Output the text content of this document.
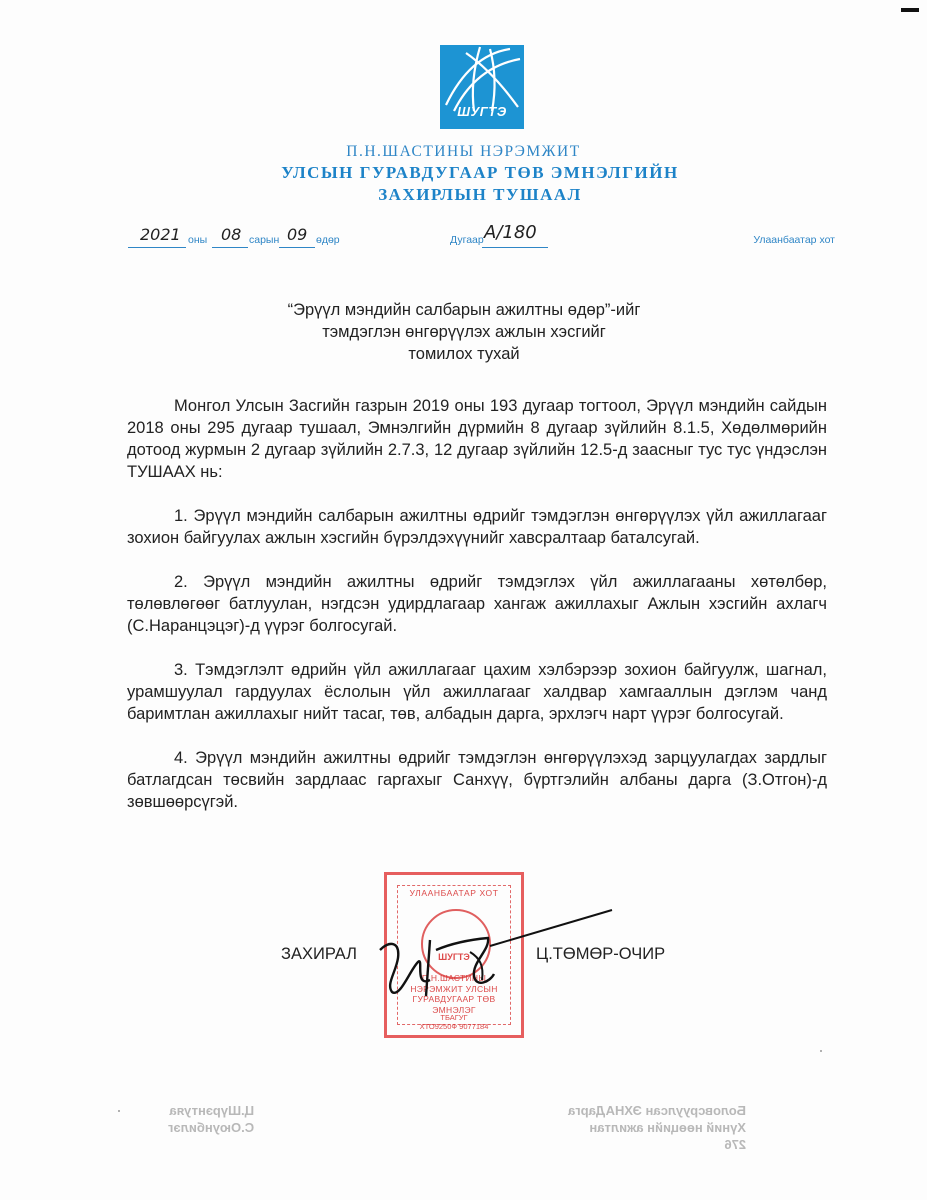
ШУГТЭ
П.Н.ШАСТИНЫ НЭРЭМЖИТ
УЛСЫН ГУРАВДУГААР ТӨВ ЭМНЭЛГИЙН
ЗАХИРЛЫН ТУШААЛ
2021 оны 08 сарын 09 өдөр	Дугаар А/180	Улаанбаатар хот
“Эрүүл мэндийн салбарын ажилтны өдөр”-ийг
тэмдэглэн өнгөрүүлэх ажлын хэсгийг
томилох тухай

Монгол Улсын Засгийн газрын 2019 оны 193 дугаар тогтоол, Эрүүл мэндийн сайдын 2018 оны 295 дугаар тушаал, Эмнэлгийн дүрмийн 8 дугаар зүйлийн 8.1.5, Хөдөлмөрийн дотоод журмын 2 дугаар зүйлийн 2.7.3, 12 дугаар зүйлийн 12.5-д заасныг тус тус үндэслэн ТУШААХ нь:

1. Эрүүл мэндийн салбарын ажилтны өдрийг тэмдэглэн өнгөрүүлэх үйл ажиллагааг зохион байгуулах ажлын хэсгийн бүрэлдэхүүнийг хавсралтаар баталсугай.

2. Эрүүл мэндийн ажилтны өдрийг тэмдэглэх үйл ажиллагааны хөтөлбөр, төлөвлөгөөг батлуулан, нэгдсэн удирдлагаар хангаж ажиллахыг Ажлын хэсгийн ахлагч (С.Наранцэцэг)-д үүрэг болгосугай.

3. Тэмдэглэлт өдрийн үйл ажиллагааг цахим хэлбэрээр зохион байгуулж, шагнал, урамшуулал гардуулах ёслолын үйл ажиллагааг халдвар хамгааллын дэглэм чанд баримтлан ажиллахыг нийт тасаг, төв, албадын дарга, эрхлэгч нарт үүрэг болгосугай.

4. Эрүүл мэндийн ажилтны өдрийг тэмдэглэн өнгөрүүлэхэд зарцуулагдах зардлыг батлагдсан төсвийн зардлаас гаргахыг Санхүү, бүртгэлийн албаны дарга (З.Отгон)-д зөвшөөрсүгэй.

УЛААНБААТАР ХОТ
ШУГТЭ
П.Н.ШАСТИНЫ
НЭРЭМЖИТ УЛСЫН
ГУРАВДУГААР ТӨВ
ЭМНЭЛЭГ
ТБАГУГ
ХТО9250Ф 9077184
ЗАХИРАЛ	Ц.ТӨМӨР-ОЧИР
Боловсруулсан ЭХНАДарга
Хүний нөөцийн ажилтан
276
Ц.Шүрэнтуяа
С.Оюунбилэг
